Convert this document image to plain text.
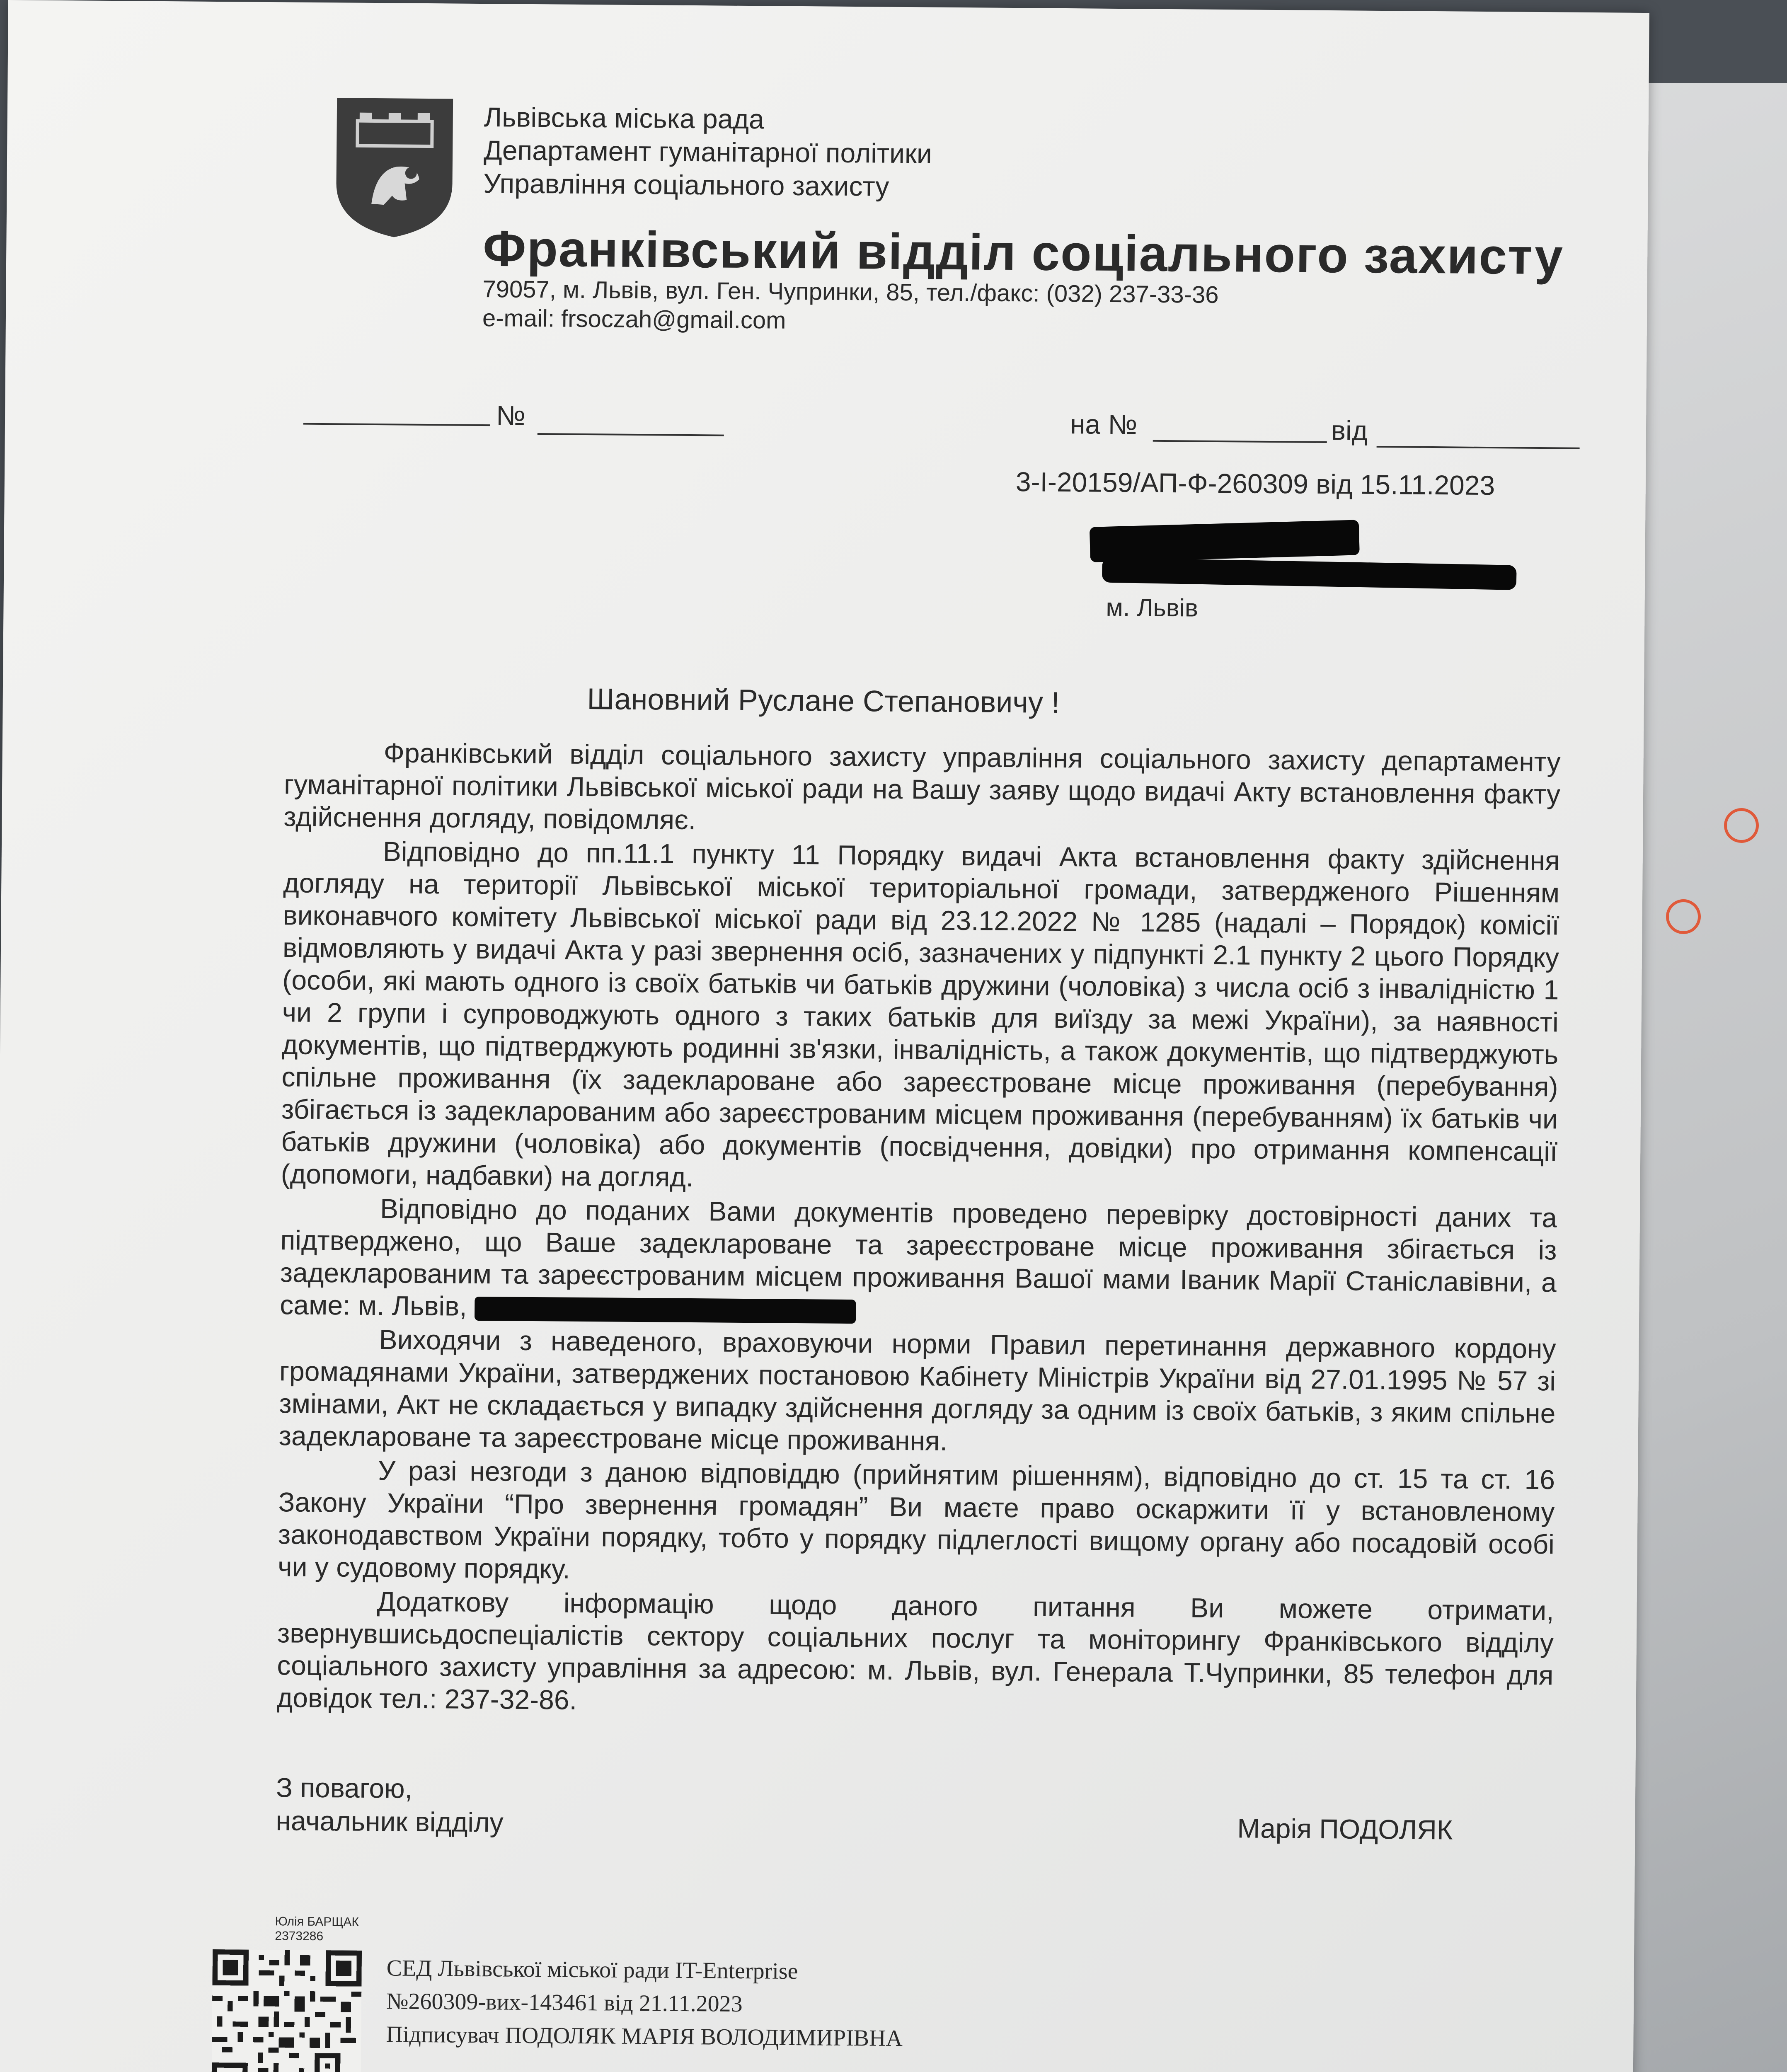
Львівська міська рада
Департамент гуманітарної політики
Управління соціального захисту
Франківський відділ соціального захисту
79057, м. Львів, вул. Ген. Чупринки, 85, тел./факс: (032) 237-33-36
e-mail: frsoczah@gmail.com
№	на №	від
3-І-20159/АП-Ф-260309 від 15.11.2023
м. Львів
Шановний Руслане Степановичу !

Франківський відділ соціального захисту управління соціального захисту департаменту гуманітарної політики Львівської міської ради на Вашу заяву щодо видачі Акту встановлення факту здійснення догляду, повідомляє.

Відповідно до пп.11.1 пункту 11 Порядку видачі Акта встановлення факту здійснення догляду на території Львівської міської територіальної громади, затвердженого Рішенням виконавчого комітету Львівської міської ради від 23.12.2022 № 1285 (надалі – Порядок) комісії відмовляють у видачі Акта у разі звернення осіб, зазначених у підпункті 2.1 пункту 2 цього Порядку (особи, які мають одного із своїх батьків чи батьків дружини (чоловіка) з числа осіб з інвалідністю 1 чи 2 групи і супроводжують одного з таких батьків для виїзду за межі України), за наявності документів, що підтверджують родинні зв'язки, інвалідність, а також документів, що підтверджують спільне проживання (їх задеклароване або зареєстроване місце проживання (перебування) збігається із задекларованим або зареєстрованим місцем проживання (перебуванням) їх батьків чи батьків дружини (чоловіка) або документів (посвідчення, довідки) про отримання компенсації (допомоги, надбавки) на догляд.

Відповідно до поданих Вами документів проведено перевірку достовірності даних та підтверджено, що Ваше задеклароване та зареєстроване місце проживання збігається із задекларованим та зареєстрованим місцем проживання Вашої мами Іваник Марії Станіславівни, а саме: м. Львів,

Виходячи з наведеного, враховуючи норми Правил перетинання державного кордону громадянами України, затверджених постановою Кабінету Міністрів України від 27.01.1995 № 57 зі змінами, Акт не складається у випадку здійснення догляду за одним із своїх батьків, з яким спільне задеклароване та зареєстроване місце проживання.

У разі незгоди з даною відповіддю (прийнятим рішенням), відповідно до ст. 15 та ст. 16 Закону України “Про звернення громадян” Ви маєте право оскаржити її у встановленому законодавством України порядку, тобто у порядку підлеглості вищому органу або посадовій особі чи у судовому порядку.

Додаткову інформацію щодо даного питання Ви можете отримати, звернувшисьдоспеціалістів сектору соціальних послуг та моніторингу Франківського відділу соціального захисту управління за адресою: м. Львів, вул. Генерала Т.Чупринки, 85 телефон для довідок тел.: 237-32-86.

З повагою,
начальник відділу	Марія ПОДОЛЯК
Юлія БАРЩАК
2373286
СЕД Львівської міської ради IT-Enterprise
№260309-вих-143461 від 21.11.2023
Підписувач ПОДОЛЯК МАРІЯ ВОЛОДИМИРІВНА
